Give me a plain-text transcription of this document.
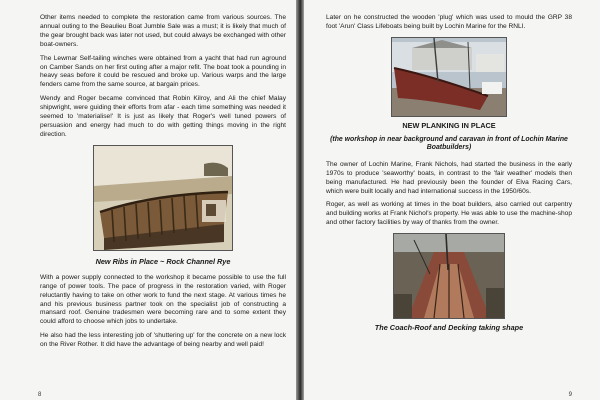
Other items needed to complete the restoration came from various sources. The annual outing to the Beaulieu Boat Jumble Sale was a must; it is likely that much of the gear brought back was later not used, but could always be exchanged with other boat-owners.

The Lewmar Self-tailing winches were obtained from a yacht that had run aground on Camber Sands on her first outing after a major refit. The boat took a pounding in heavy seas before it could be rescued and broke up. Various warps and the large fenders came from the same source, at bargain prices.

Wendy and Roger became convinced that Robin Kilroy, and Ali the chief Malay shipwright, were guiding their efforts from afar - each time something was needed it seemed to 'materialise!' It is just as likely that Roger's well tuned powers of persuasion and energy had much to do with getting things moving in the right direction.

New Ribs in Place ~ Rock Channel Rye

With a power supply connected to the workshop it became possible to use the full range of power tools. The pace of progress in the restoration varied, with Roger reluctantly having to take on other work to fund the next stage. At various times he and his previous business partner took on the specialist job of constructing a mansard roof. Genuine tradesmen were becoming rare and to some extent they could afford to choose which jobs to undertake.

He also had the less interesting job of 'shuttering up' for the concrete on a new lock on the River Rother. It did have the advantage of being nearby and well paid!

8

Later on he constructed the wooden 'plug' which was used to mould the GRP 38 foot 'Arun' Class Lifeboats being built by Lochin Marine for the RNLI.

NEW PLANKING IN PLACE
(the workshop in near background and caravan in front of Lochin Marine Boatbuilders)

The owner of Lochin Marine, Frank Nichols, had started the business in the early 1970s to produce 'seaworthy' boats, in contrast to the 'fair weather' models then being manufactured. He had previously been the founder of Elva Racing Cars, which were built locally and had international success in the 1950/60s.

Roger, as well as working at times in the boat builders, also carried out carpentry and building works at Frank Nichol's property. He was able to use the machine-shop and other factory facilities by way of thanks from the owner.

The Coach-Roof and Decking taking shape
9
